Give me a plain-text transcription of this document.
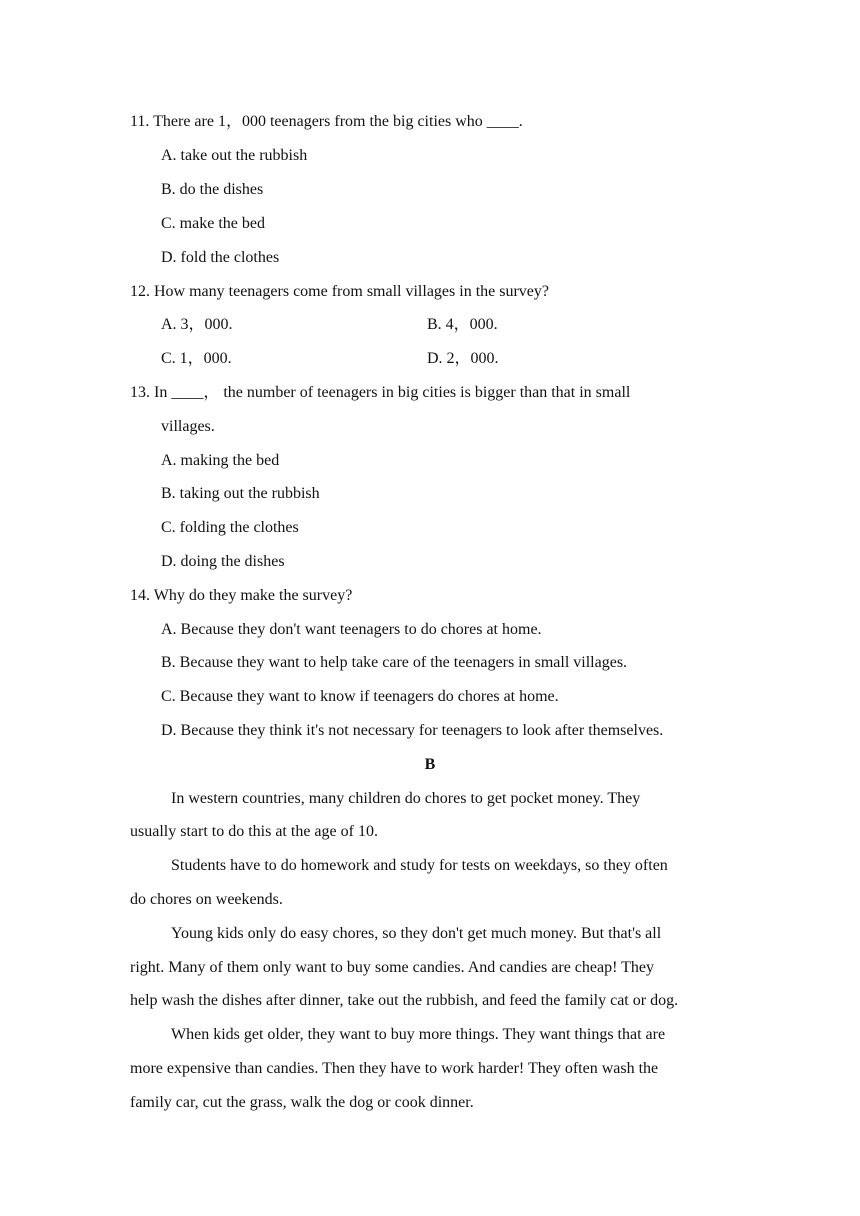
11. There are 1，000 teenagers from the big cities who ____.
A. take out the rubbish
B. do the dishes
C. make the bed
D. fold the clothes
12. How many teenagers come from small villages in the survey?
A. 3，000.	B. 4，000.
C. 1，000.	D. 2，000.
13. In ____， the number of teenagers in big cities is bigger than that in small
villages.
A. making the bed
B. taking out the rubbish
C. folding the clothes
D. doing the dishes
14. Why do they make the survey?
A. Because they don't want teenagers to do chores at home.
B. Because they want to help take care of the teenagers in small villages.
C. Because they want to know if teenagers do chores at home.
D. Because they think it's not necessary for teenagers to look after themselves.
B
In western countries, many children do chores to get pocket money. They
usually start to do this at the age of 10.
Students have to do homework and study for tests on weekdays, so they often
do chores on weekends.
Young kids only do easy chores, so they don't get much money. But that's all
right. Many of them only want to buy some candies. And candies are cheap! They
help wash the dishes after dinner, take out the rubbish, and feed the family cat or dog.
When kids get older, they want to buy more things. They want things that are
more expensive than candies. Then they have to work harder! They often wash the
family car, cut the grass, walk the dog or cook dinner.
